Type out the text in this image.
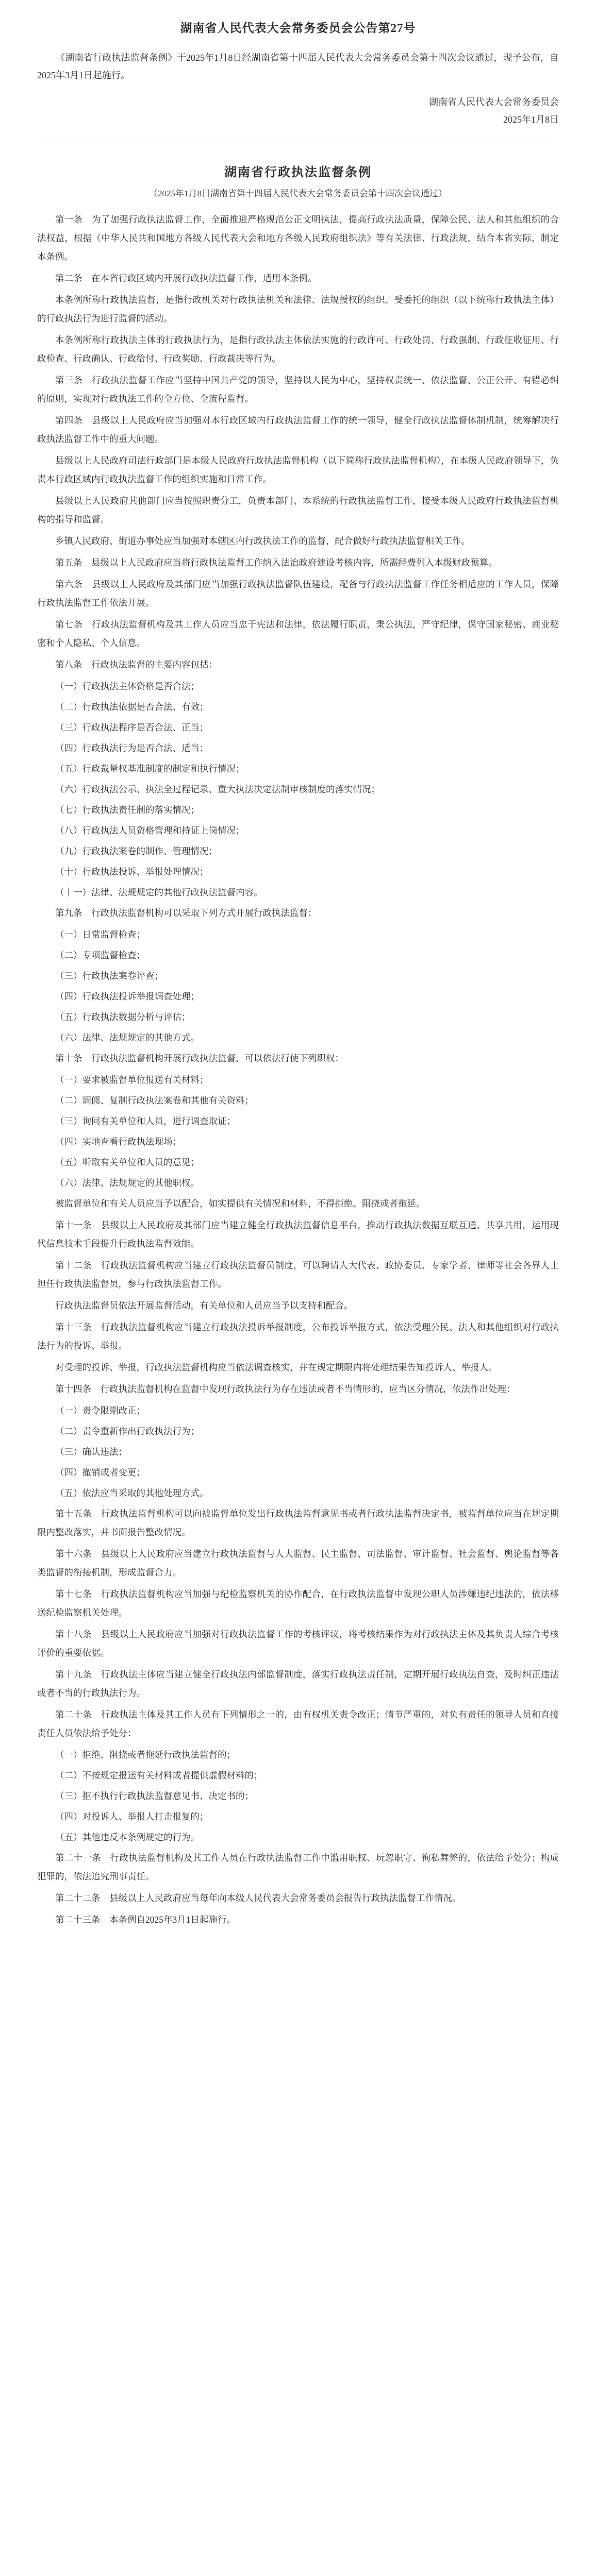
湖南省人民代表大会常务委员会公告第27号

《湖南省行政执法监督条例》于2025年1月8日经湖南省第十四届人民代表大会常务委员会第十四次会议通过，现予公布，自2025年3月1日起施行。

湖南省人民代表大会常务委员会

2025年1月8日

湖南省行政执法监督条例
（2025年1月8日湖南省第十四届人民代表大会常务委员会第十四次会议通过）

第一条　为了加强行政执法监督工作，全面推进严格规范公正文明执法，提高行政执法质量，保障公民、法人和其他组织的合法权益，根据《中华人民共和国地方各级人民代表大会和地方各级人民政府组织法》等有关法律、行政法规，结合本省实际，制定本条例。

第二条　在本省行政区域内开展行政执法监督工作，适用本条例。

本条例所称行政执法监督，是指行政机关对行政执法机关和法律、法规授权的组织、受委托的组织（以下统称行政执法主体）的行政执法行为进行监督的活动。

本条例所称行政执法主体的行政执法行为，是指行政执法主体依法实施的行政许可、行政处罚、行政强制、行政征收征用、行政检查、行政确认、行政给付、行政奖励、行政裁决等行为。

第三条　行政执法监督工作应当坚持中国共产党的领导，坚持以人民为中心，坚持权责统一、依法监督、公正公开、有错必纠的原则，实现对行政执法工作的全方位、全流程监督。

第四条　县级以上人民政府应当加强对本行政区域内行政执法监督工作的统一领导，健全行政执法监督体制机制，统筹解决行政执法监督工作中的重大问题。

县级以上人民政府司法行政部门是本级人民政府行政执法监督机构（以下简称行政执法监督机构），在本级人民政府领导下，负责本行政区域内行政执法监督工作的组织实施和日常工作。

县级以上人民政府其他部门应当按照职责分工，负责本部门、本系统的行政执法监督工作，接受本级人民政府行政执法监督机构的指导和监督。

乡镇人民政府、街道办事处应当加强对本辖区内行政执法工作的监督，配合做好行政执法监督相关工作。

第五条　县级以上人民政府应当将行政执法监督工作纳入法治政府建设考核内容，所需经费列入本级财政预算。

第六条　县级以上人民政府及其部门应当加强行政执法监督队伍建设，配备与行政执法监督工作任务相适应的工作人员，保障行政执法监督工作依法开展。

第七条　行政执法监督机构及其工作人员应当忠于宪法和法律，依法履行职责，秉公执法，严守纪律，保守国家秘密、商业秘密和个人隐私、个人信息。

第八条　行政执法监督的主要内容包括：

（一）行政执法主体资格是否合法；

（二）行政执法依据是否合法、有效；

（三）行政执法程序是否合法、正当；

（四）行政执法行为是否合法、适当；

（五）行政裁量权基准制度的制定和执行情况；

（六）行政执法公示、执法全过程记录、重大执法决定法制审核制度的落实情况；

（七）行政执法责任制的落实情况；

（八）行政执法人员资格管理和持证上岗情况；

（九）行政执法案卷的制作、管理情况；

（十）行政执法投诉、举报处理情况；

（十一）法律、法规规定的其他行政执法监督内容。

第九条　行政执法监督机构可以采取下列方式开展行政执法监督：

（一）日常监督检查；

（二）专项监督检查；

（三）行政执法案卷评查；

（四）行政执法投诉举报调查处理；

（五）行政执法数据分析与评估；

（六）法律、法规规定的其他方式。

第十条　行政执法监督机构开展行政执法监督，可以依法行使下列职权：

（一）要求被监督单位报送有关材料；

（二）调阅、复制行政执法案卷和其他有关资料；

（三）询问有关单位和人员，进行调查取证；

（四）实地查看行政执法现场；

（五）听取有关单位和人员的意见；

（六）法律、法规规定的其他职权。

被监督单位和有关人员应当予以配合，如实提供有关情况和材料，不得拒绝、阻挠或者拖延。

第十一条　县级以上人民政府及其部门应当建立健全行政执法监督信息平台，推动行政执法数据互联互通、共享共用，运用现代信息技术手段提升行政执法监督效能。

第十二条　行政执法监督机构应当建立行政执法监督员制度，可以聘请人大代表、政协委员、专家学者、律师等社会各界人士担任行政执法监督员，参与行政执法监督工作。

行政执法监督员依法开展监督活动，有关单位和人员应当予以支持和配合。

第十三条　行政执法监督机构应当建立行政执法投诉举报制度，公布投诉举报方式，依法受理公民、法人和其他组织对行政执法行为的投诉、举报。

对受理的投诉、举报，行政执法监督机构应当依法调查核实，并在规定期限内将处理结果告知投诉人、举报人。

第十四条　行政执法监督机构在监督中发现行政执法行为存在违法或者不当情形的，应当区分情况，依法作出处理：

（一）责令限期改正；

（二）责令重新作出行政执法行为；

（三）确认违法；

（四）撤销或者变更；

（五）依法应当采取的其他处理方式。

第十五条　行政执法监督机构可以向被监督单位发出行政执法监督意见书或者行政执法监督决定书，被监督单位应当在规定期限内整改落实，并书面报告整改情况。

第十六条　县级以上人民政府应当建立行政执法监督与人大监督、民主监督、司法监督、审计监督、社会监督、舆论监督等各类监督的衔接机制，形成监督合力。

第十七条　行政执法监督机构应当加强与纪检监察机关的协作配合，在行政执法监督中发现公职人员涉嫌违纪违法的，依法移送纪检监察机关处理。

第十八条　县级以上人民政府应当加强对行政执法监督工作的考核评议，将考核结果作为对行政执法主体及其负责人综合考核评价的重要依据。

第十九条　行政执法主体应当建立健全行政执法内部监督制度，落实行政执法责任制，定期开展行政执法自查，及时纠正违法或者不当的行政执法行为。

第二十条　行政执法主体及其工作人员有下列情形之一的，由有权机关责令改正；情节严重的，对负有责任的领导人员和直接责任人员依法给予处分：

（一）拒绝、阻挠或者拖延行政执法监督的；

（二）不按规定报送有关材料或者提供虚假材料的；

（三）拒不执行行政执法监督意见书、决定书的；

（四）对投诉人、举报人打击报复的；

（五）其他违反本条例规定的行为。

第二十一条　行政执法监督机构及其工作人员在行政执法监督工作中滥用职权、玩忽职守、徇私舞弊的，依法给予处分；构成犯罪的，依法追究刑事责任。

第二十二条　县级以上人民政府应当每年向本级人民代表大会常务委员会报告行政执法监督工作情况。

第二十三条　本条例自2025年3月1日起施行。
